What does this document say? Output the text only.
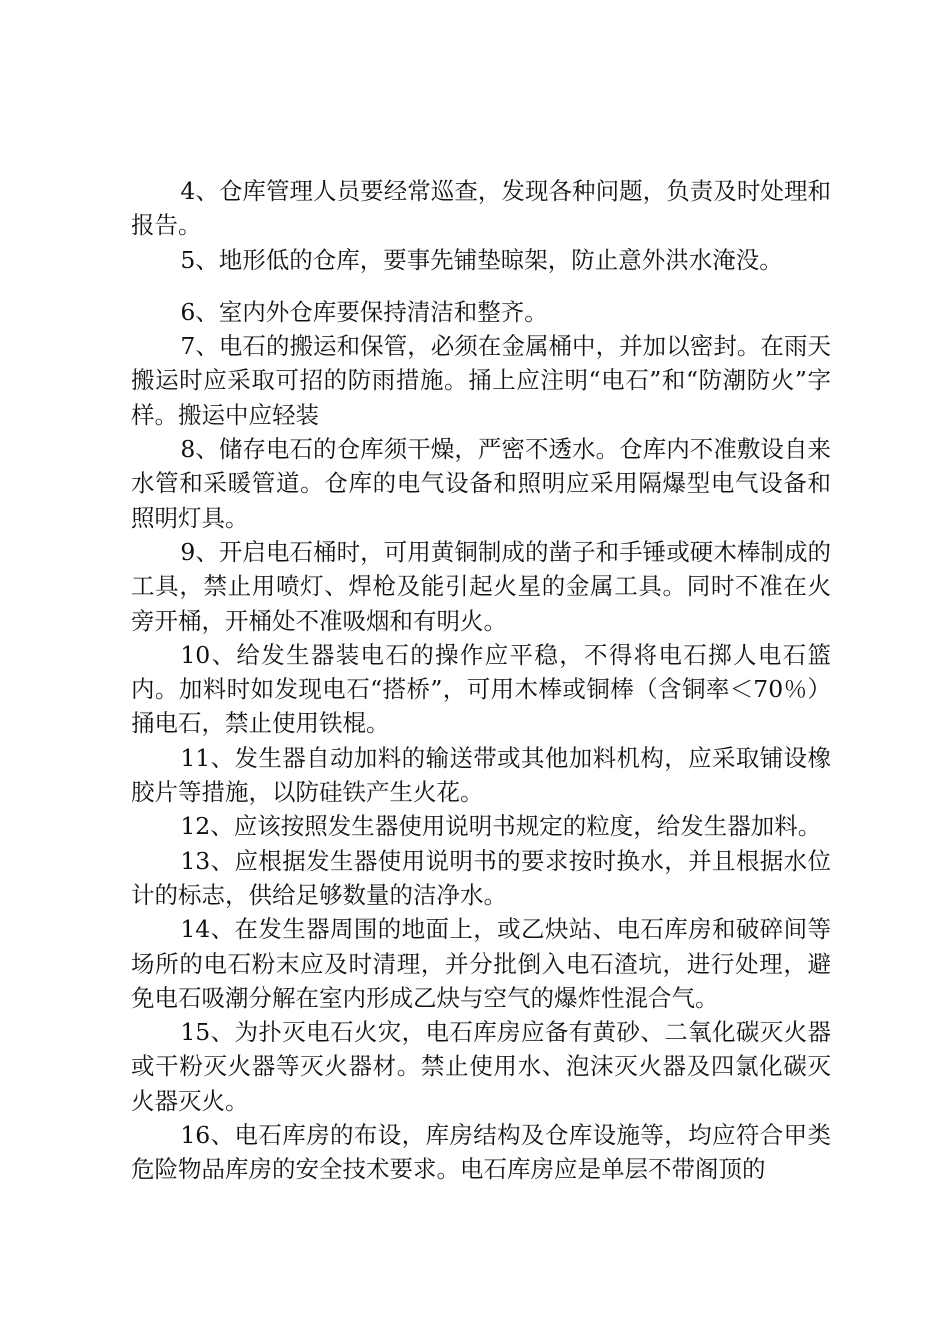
4、仓库管理人员要经常巡查，发现各种问题，负责及时处理和报告。

5、地形低的仓库，要事先铺垫晾架，防止意外洪水淹没。

6、室内外仓库要保持清洁和整齐。

7、电石的搬运和保管，必须在金属桶中，并加以密封。在雨天搬运时应采取可招的防雨措施。捅上应注明“电石”和“防潮防火”字样。搬运中应轻装

8、储存电石的仓库须干燥，严密不透水。仓库内不准敷设自来水管和采暖管道。仓库的电气设备和照明应采用隔爆型电气设备和照明灯具。

9、开启电石桶时，可用黄铜制成的凿子和手锤或硬木棒制成的工具，禁止用喷灯、焊枪及能引起火星的金属工具。同时不准在火旁开桶，开桶处不准吸烟和有明火。

10、给发生器装电石的操作应平稳，不得将电石掷人电石篮内。加料时如发现电石“搭桥”，可用木棒或铜棒（含铜率＜70％）捅电石，禁止使用铁棍。

11、发生器自动加料的输送带或其他加料机构，应采取铺设橡胶片等措施，以防硅铁产生火花。

12、应该按照发生器使用说明书规定的粒度，给发生器加料。

13、应根据发生器使用说明书的要求按时换水，并且根据水位计的标志，供给足够数量的洁净水。

14、在发生器周围的地面上，或乙炔站、电石库房和破碎间等场所的电石粉末应及时清理，并分批倒入电石渣坑，进行处理，避免电石吸潮分解在室内形成乙炔与空气的爆炸性混合气。

15、为扑灭电石火灾，电石库房应备有黄砂、二氧化碳灭火器或干粉灭火器等灭火器材。禁止使用水、泡沫灭火器及四氯化碳灭火器灭火。

16、电石库房的布设，库房结构及仓库设施等，均应符合甲类危险物品库房的安全技术要求。电石库房应是单层不带阁顶的
